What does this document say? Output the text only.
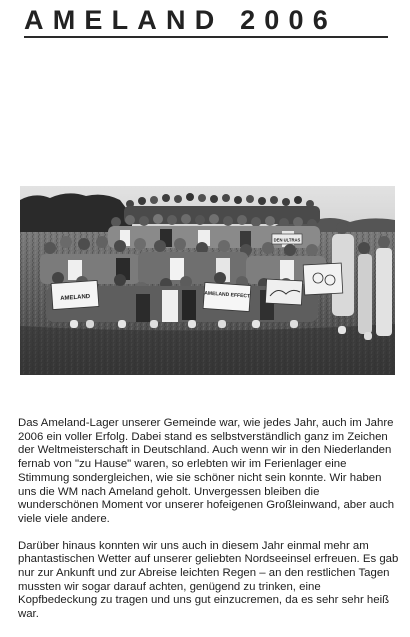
AMELAND 2006
AMELAND	AMELAND EFFECT
DEN ULTRAS

Das Ameland-Lager unserer Gemeinde war, wie jedes Jahr, auch im Jahre 2006 ein voller Erfolg. Dabei stand es selbstverständlich ganz im Zeichen der Weltmeisterschaft in Deutschland. Auch wenn wir in den Niederlanden fernab von "zu Hause" waren, so erlebten wir im Ferienlager eine Stimmung sondergleichen, wie sie schöner nicht sein konnte. Wir haben uns die WM nach Ameland geholt. Unvergessen bleiben die wunderschönen Moment vor unserer hofeigenen Großleinwand, aber auch viele viele andere.

Darüber hinaus konnten wir uns auch in diesem Jahr einmal mehr am phantastischen Wetter auf unserer geliebten Nordseeinsel erfreuen. Es gab nur zur Ankunft und zur Abreise leichten Regen – an den restlichen Tagen mussten wir sogar darauf achten, genügend zu trinken, eine Kopfbedeckung zu tragen und uns gut einzucremen, da es sehr sehr heiß war.
